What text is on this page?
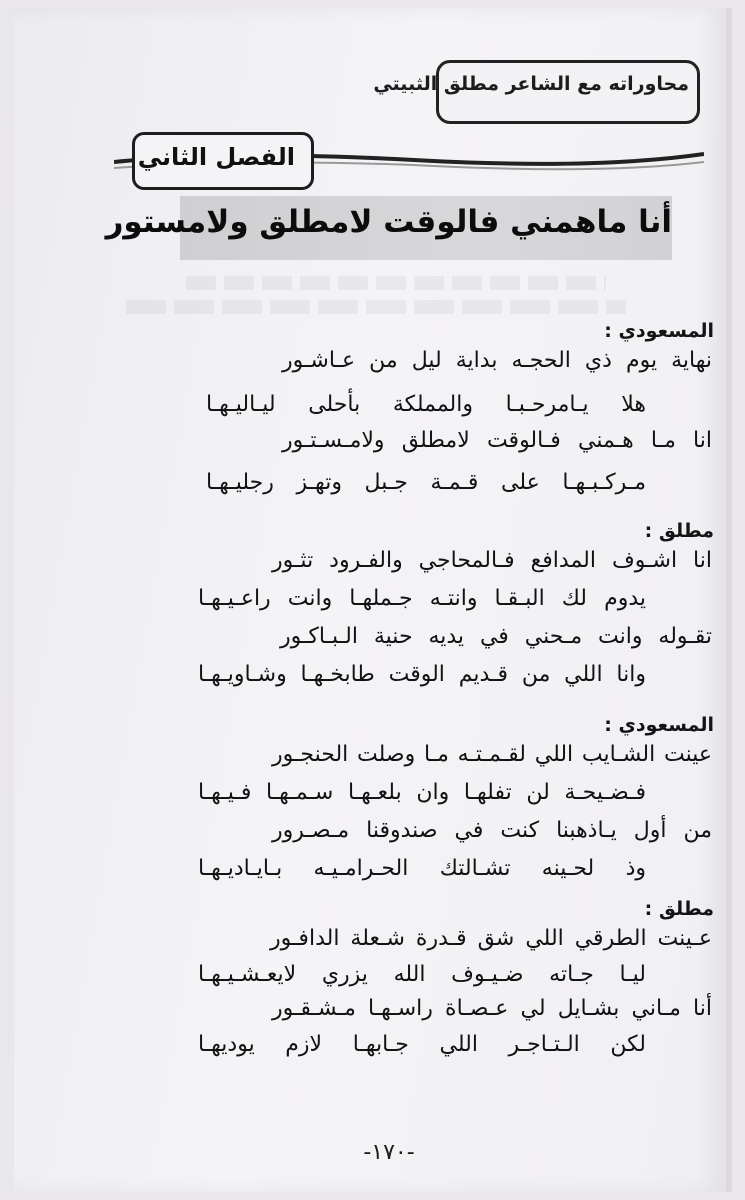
محاوراته مع الشاعر مطلق الثبيتي
الفصل الثاني
أنا ماهمني فالوقت لامطلق ولامستور
المسعودي :
نهاية يوم ذي الحجـه بداية ليل من عـاشـور
هلا يـامرحـبـا والمملكة بأحلى ليـاليـهـا
انا مـا هـمني فـالوقت لامطلق ولامـسـتـور
مـركـبـهـا على قـمـة جـبل وتهـز رجليـهـا
مطلق :
انا اشـوف المدافع فـالمحاجي والفـرود تثـور
يدوم لك البـقـا وانتـه جـملهـا وانت راعـيـهـا
تقـوله وانت مـحني في يديه حنية الـبـاكـور
وانا اللي من قـديم الوقت طابخـهـا وشـاويـهـا
المسعودي :
عينت الشـايب اللي لقـمـتـه مـا وصلت الحنجـور
فـضـيحـة لن تفلهـا وان بلعـهـا سـمـهـا فـيـهـا
من أول يـاذهبنا كنت في صندوقنا مـصـرور
وذ لحـينه تشـالتك الحـرامـيـه بـايـاديـهـا
مطلق :
عـينت الطرقي اللي شق قـدرة شـعلة الدافـور
ليـا جـاته ضـيـوف الله يزري لايعـشـيـهـا
أنا مـاني بشـايل لي عـصـاة راسـهـا مـشـقـور
لكن الـتـاجـر اللي جـابهـا لازم يوديهـا
-١٧٠-
